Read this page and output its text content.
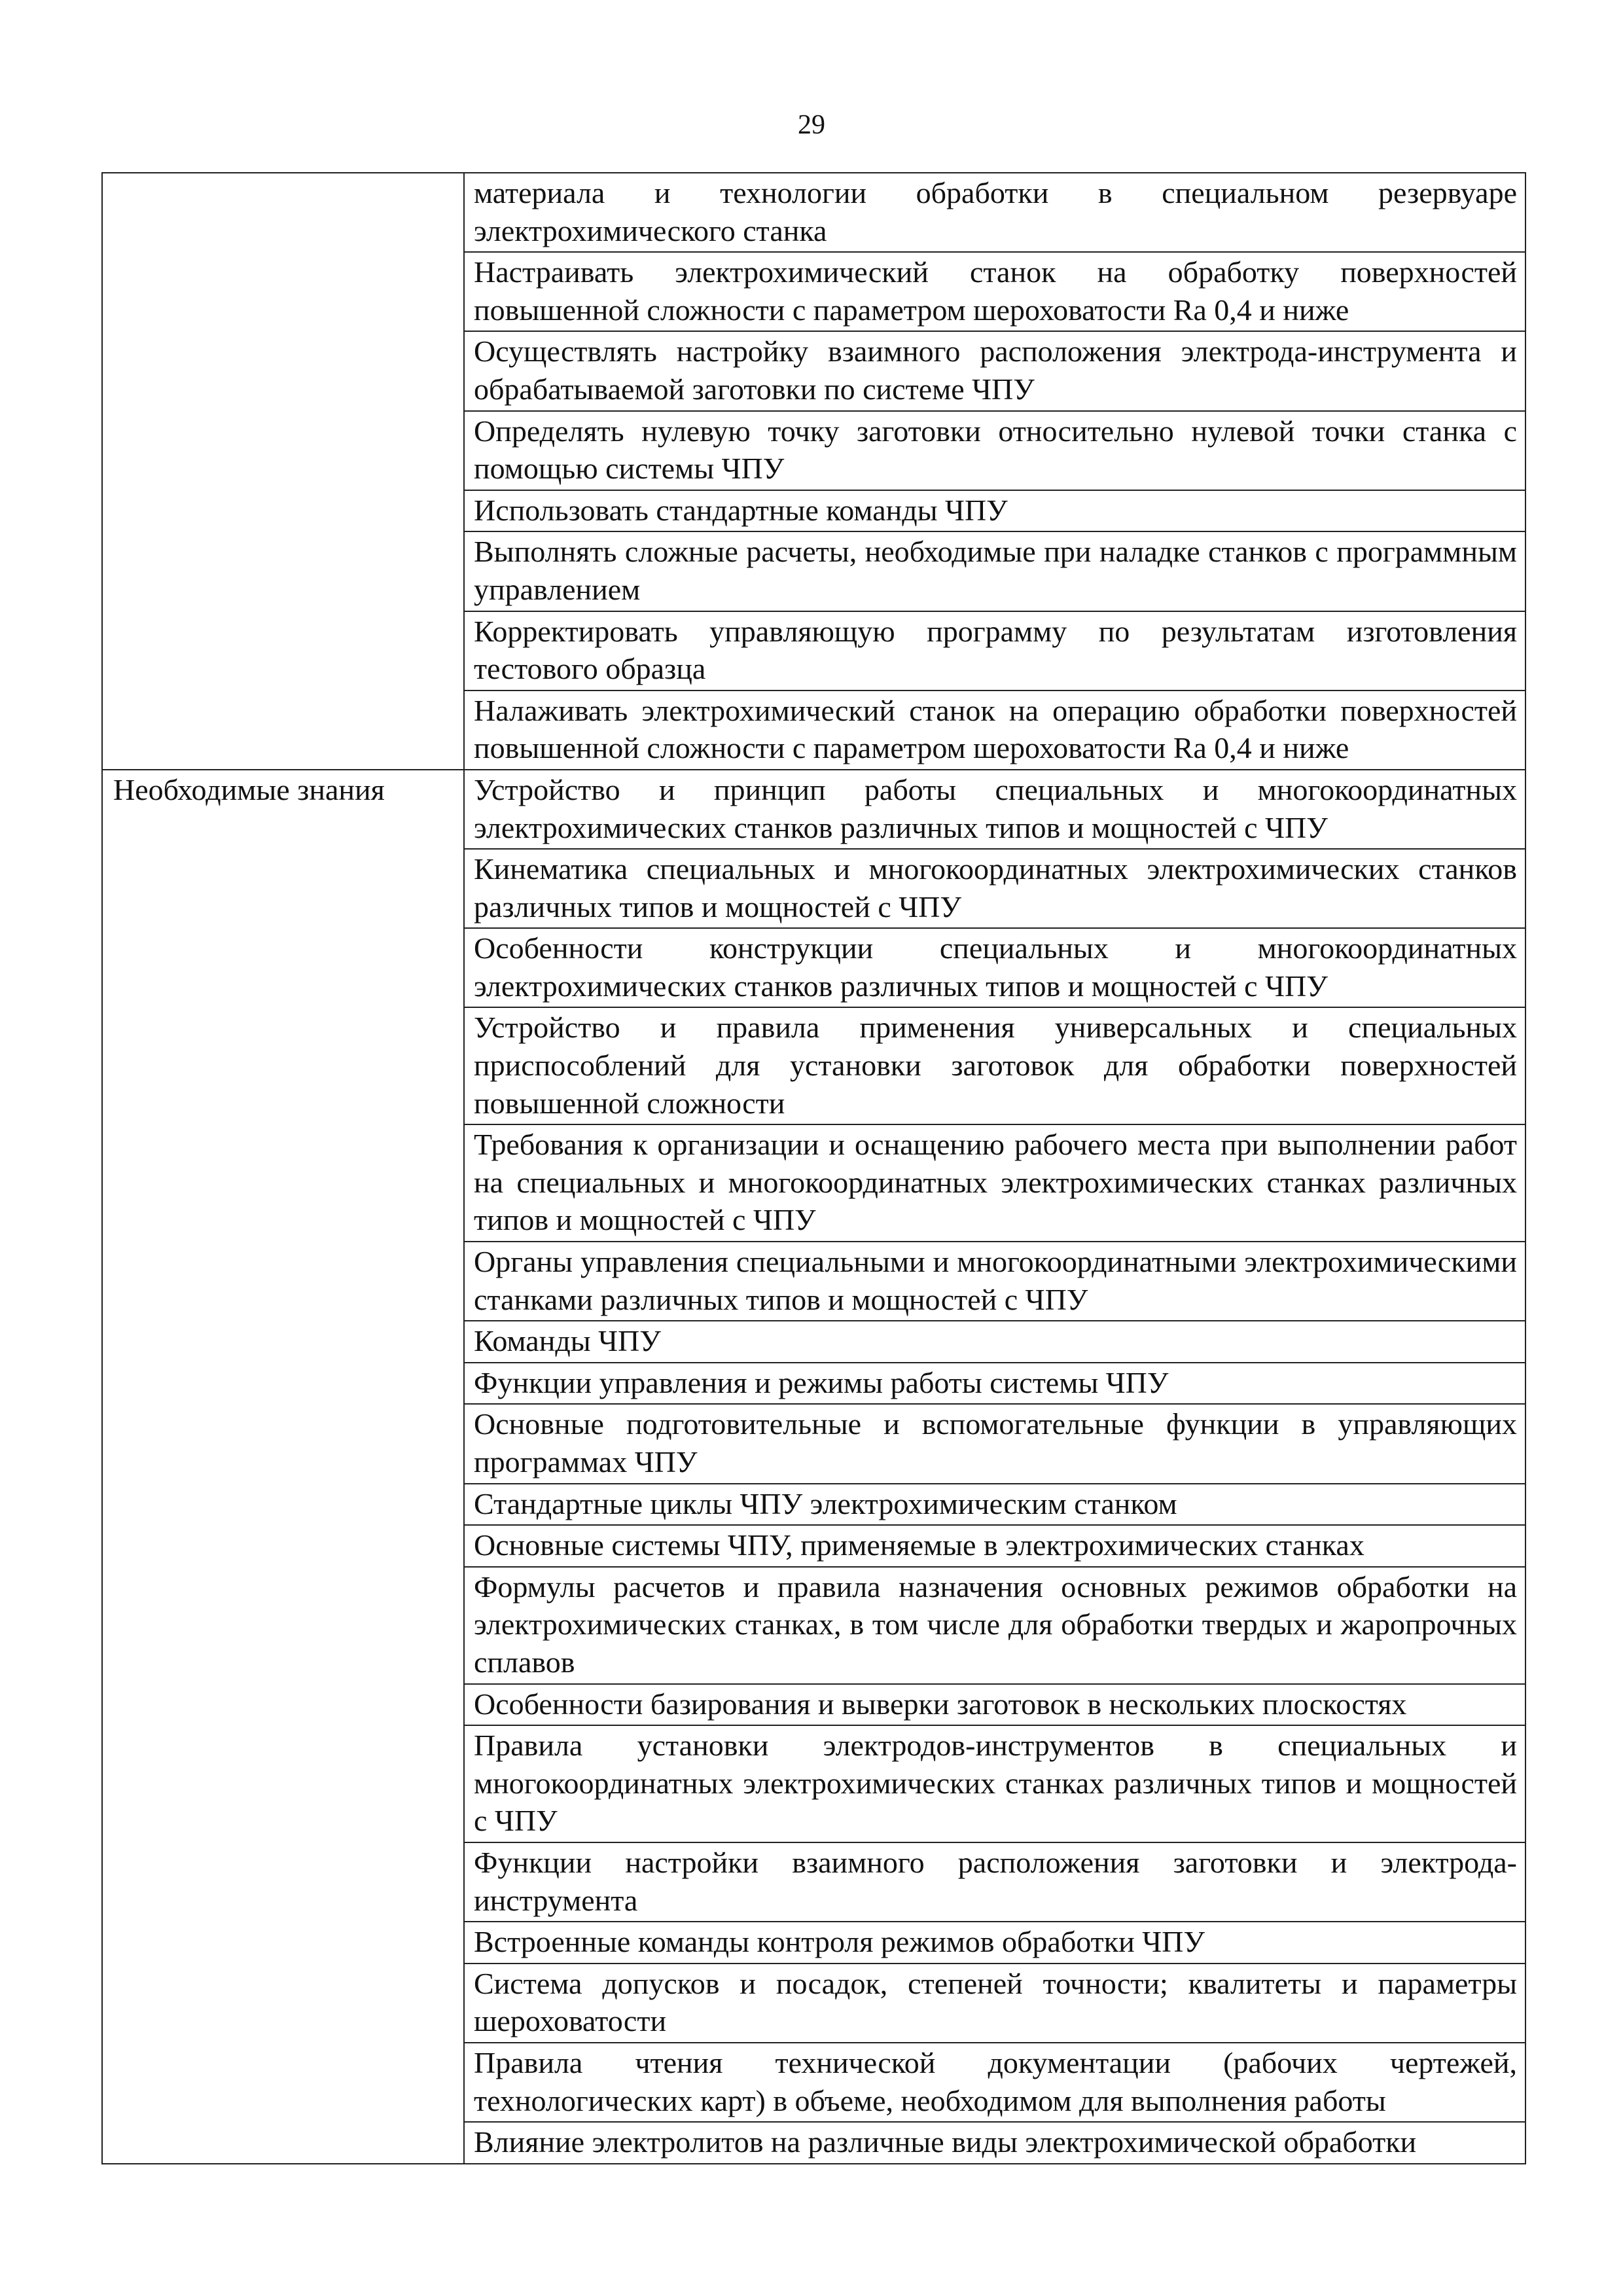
29
	материала и технологии обработки в специальном резервуаре электрохимического станка
	Настраивать электрохимический станок на обработку поверхностей повышенной сложности с параметром шероховатости Ra 0,4 и ниже
	Осуществлять настройку взаимного расположения электрода-инструмента и обрабатываемой заготовки по системе ЧПУ
	Определять нулевую точку заготовки относительно нулевой точки станка с помощью системы ЧПУ
	Использовать стандартные команды ЧПУ
	Выполнять сложные расчеты, необходимые при наладке станков с программным управлением
	Корректировать управляющую программу по результатам изготовления тестового образца
	Налаживать электрохимический станок на операцию обработки поверхностей повышенной сложности с параметром шероховатости Ra 0,4 и ниже
Необходимые знания	Устройство и принцип работы специальных и многокоординатных электрохимических станков различных типов и мощностей с ЧПУ
	Кинематика специальных и многокоординатных электрохимических станков различных типов и мощностей с ЧПУ
	Особенности конструкции специальных и многокоординатных электрохимических станков различных типов и мощностей с ЧПУ
	Устройство и правила применения универсальных и специальных приспособлений для установки заготовок для обработки поверхностей повышенной сложности
	Требования к организации и оснащению рабочего места при выполнении работ на специальных и многокоординатных электрохимических станках различных типов и мощностей с ЧПУ
	Органы управления специальными и многокоординатными электрохимическими станками различных типов и мощностей с ЧПУ
	Команды ЧПУ
	Функции управления и режимы работы системы ЧПУ
	Основные подготовительные и вспомогательные функции в управляющих программах ЧПУ
	Стандартные циклы ЧПУ электрохимическим станком
	Основные системы ЧПУ, применяемые в электрохимических станках
	Формулы расчетов и правила назначения основных режимов обработки на электрохимических станках, в том числе для обработки твердых и жаропрочных сплавов
	Особенности базирования и выверки заготовок в нескольких плоскостях
	Правила установки электродов-инструментов в специальных и многокоординатных электрохимических станках различных типов и мощностей с ЧПУ
	Функции настройки взаимного расположения заготовки и электрода-инструмента
	Встроенные команды контроля режимов обработки ЧПУ
	Система допусков и посадок, степеней точности; квалитеты и параметры шероховатости
	Правила чтения технической документации (рабочих чертежей, технологических карт) в объеме, необходимом для выполнения работы
	Влияние электролитов на различные виды электрохимической обработки
